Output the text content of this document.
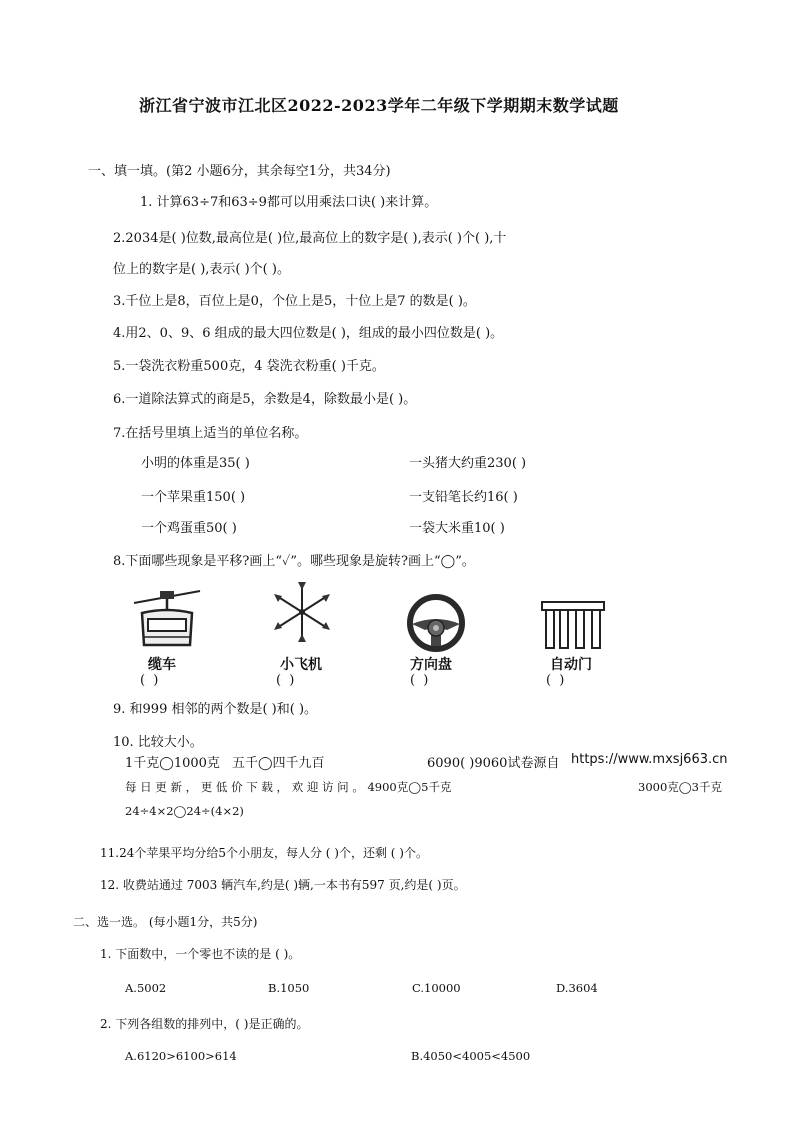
浙江省宁波市江北区2022-2023学年二年级下学期期末数学试题
一、填一填。(第2 小题6分，其余每空1分，共34分)
1. 计算63÷7和63÷9都可以用乘法口诀( )来计算。
2.2034是( )位数,最高位是( )位,最高位上的数字是( ),表示( )个( ),十
位上的数字是( ),表示( )个( )。
3.千位上是8，百位上是0，个位上是5，十位上是7 的数是( )。
4.用2、0、9、6 组成的最大四位数是( )，组成的最小四位数是( )。
5.一袋洗衣粉重500克，4 袋洗衣粉重( )千克。
6.一道除法算式的商是5，余数是4，除数最小是( )。
7.在括号里填上适当的单位名称。
小明的体重是35( )	一头猪大约重230( )
一个苹果重150( )	一支铅笔长约16( )
一个鸡蛋重50( )	一袋大米重10( )
8.下面哪些现象是平移?画上“✓”。哪些现象是旋转?画上“◯”。
缆车
( )
小飞机
( )
方向盘
( )
自动门
( )
9. 和999 相邻的两个数是( )和( )。
10. 比较大小。
1千克◯1000克 五千◯四千九百	6090( )9060试卷源自 https://www.mxsj663.cn
每 日 更 新 ， 更 低 价 下 载 ， 欢 迎 访 问 。 4900克◯5千克	3000克◯3千克
24÷4×2◯24÷(4×2)
11.24个苹果平均分给5个小朋友，每人分 ( )个，还剩 ( )个。
12. 收费站通过 7003 辆汽车,约是( )辆,一本书有597 页,约是( )页。
二、选一选。 (每小题1分，共5分)
1. 下面数中，一个零也不读的是 ( )。
A.5002	B.1050	C.10000	D.3604
2. 下列各组数的排列中，( )是正确的。
A.6120>6100>614	B.4050<4005<4500
